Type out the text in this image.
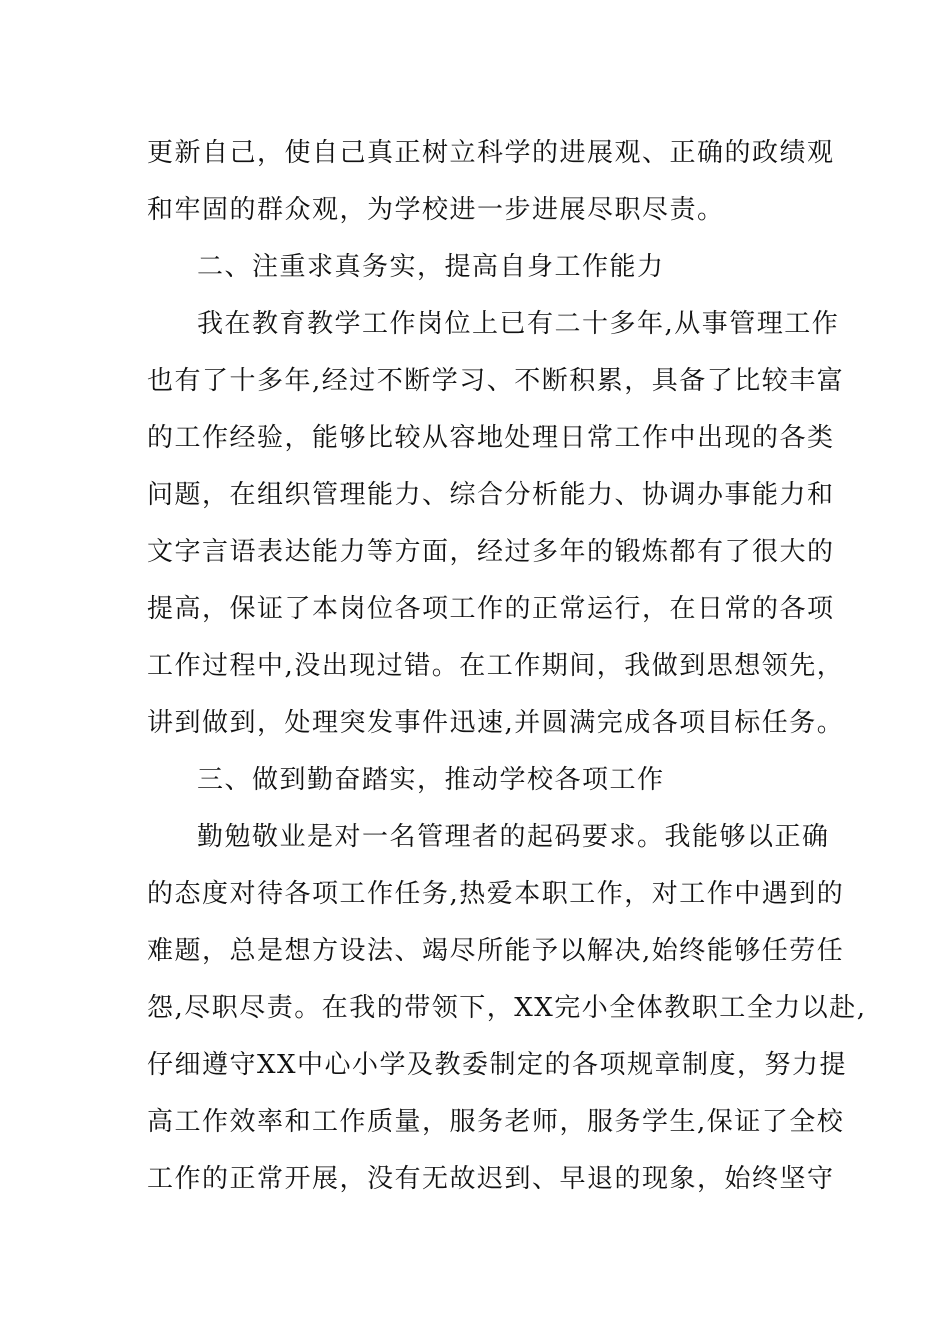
更新自己，使自己真正树立科学的进展观、正确的政绩观
和牢固的群众观，为学校进一步进展尽职尽责。
二、注重求真务实，提高自身工作能力
我在教育教学工作岗位上已有二十多年,从事管理工作
也有了十多年,经过不断学习、不断积累，具备了比较丰富
的工作经验，能够比较从容地处理日常工作中出现的各类
问题，在组织管理能力、综合分析能力、协调办事能力和
文字言语表达能力等方面，经过多年的锻炼都有了很大的
提高，保证了本岗位各项工作的正常运行，在日常的各项
工作过程中,没出现过错。在工作期间，我做到思想领先，
讲到做到，处理突发事件迅速,并圆满完成各项目标任务。
三、做到勤奋踏实，推动学校各项工作
勤勉敬业是对一名管理者的起码要求。我能够以正确
的态度对待各项工作任务,热爱本职工作，对工作中遇到的
难题，总是想方设法、竭尽所能予以解决,始终能够任劳任
怨,尽职尽责。在我的带领下，XX完小全体教职工全力以赴,
仔细遵守XX中心小学及教委制定的各项规章制度，努力提
高工作效率和工作质量，服务老师，服务学生,保证了全校
工作的正常开展，没有无故迟到、早退的现象，始终坚守
